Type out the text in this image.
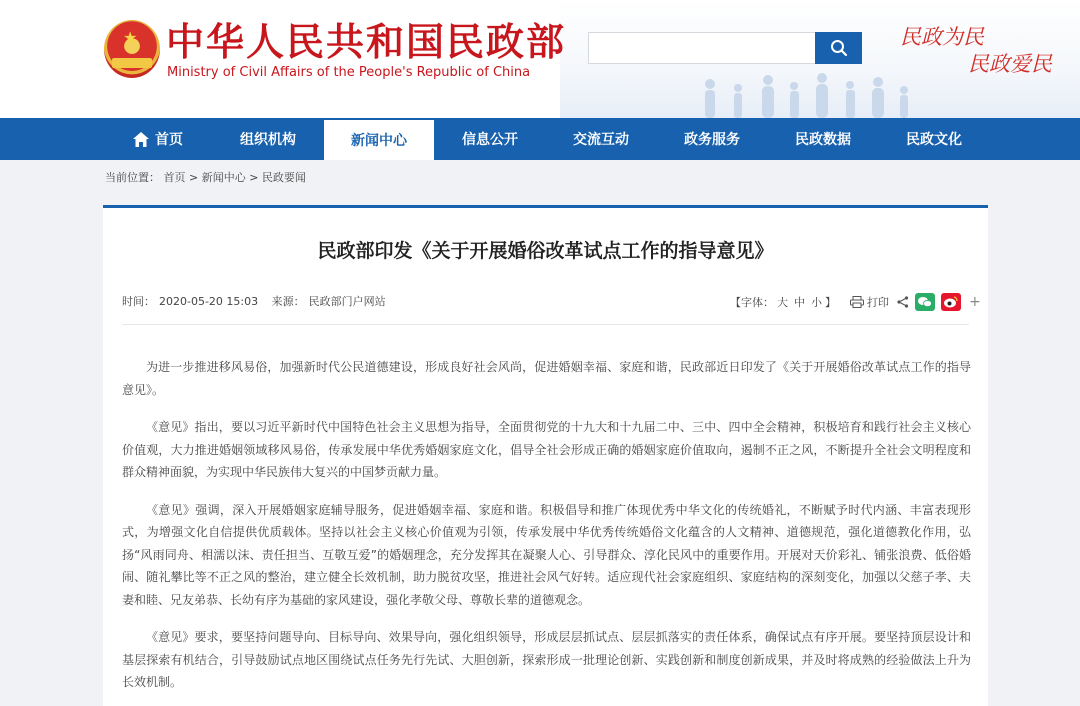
★ 中华人民共和国民政部
Ministry of Civil Affairs of the People's Republic of China
民政为民
民政爱民
首页	组织机构	新闻中心	信息公开	交流互动	政务服务	民政数据	民政文化
当前位置： 首页 > 新闻中心 > 民政要闻
民政部印发《关于开展婚俗改革试点工作的指导意见》
时间： 2020-05-20 15:03 来源： 民政部门户网站	【字体： 大 中 小 】	打印	+

为进一步推进移风易俗，加强新时代公民道德建设，形成良好社会风尚，促进婚姻幸福、家庭和谐，民政部近日印发了《关于开展婚俗改革试点工作的指导意见》。

《意见》指出，要以习近平新时代中国特色社会主义思想为指导，全面贯彻党的十九大和十九届二中、三中、四中全会精神，积极培育和践行社会主义核心价值观，大力推进婚姻领域移风易俗，传承发展中华优秀婚姻家庭文化，倡导全社会形成正确的婚姻家庭价值取向，遏制不正之风，不断提升全社会文明程度和群众精神面貌，为实现中华民族伟大复兴的中国梦贡献力量。

《意见》强调，深入开展婚姻家庭辅导服务，促进婚姻幸福、家庭和谐。积极倡导和推广体现优秀中华文化的传统婚礼，不断赋予时代内涵、丰富表现形式，为增强文化自信提供优质载体。坚持以社会主义核心价值观为引领，传承发展中华优秀传统婚俗文化蕴含的人文精神、道德规范，强化道德教化作用，弘扬“风雨同舟、相濡以沫、责任担当、互敬互爱”的婚姻理念，充分发挥其在凝聚人心、引导群众、淳化民风中的重要作用。开展对天价彩礼、铺张浪费、低俗婚闹、随礼攀比等不正之风的整治，建立健全长效机制，助力脱贫攻坚，推进社会风气好转。适应现代社会家庭组织、家庭结构的深刻变化，加强以父慈子孝、夫妻和睦、兄友弟恭、长幼有序为基础的家风建设，强化孝敬父母、尊敬长辈的道德观念。

《意见》要求，要坚持问题导向、目标导向、效果导向，强化组织领导，形成层层抓试点、层层抓落实的责任体系，确保试点有序开展。要坚持顶层设计和基层探索有机结合，引导鼓励试点地区围绕试点任务先行先试、大胆创新，探索形成一批理论创新、实践创新和制度创新成果，并及时将成熟的经验做法上升为长效机制。
